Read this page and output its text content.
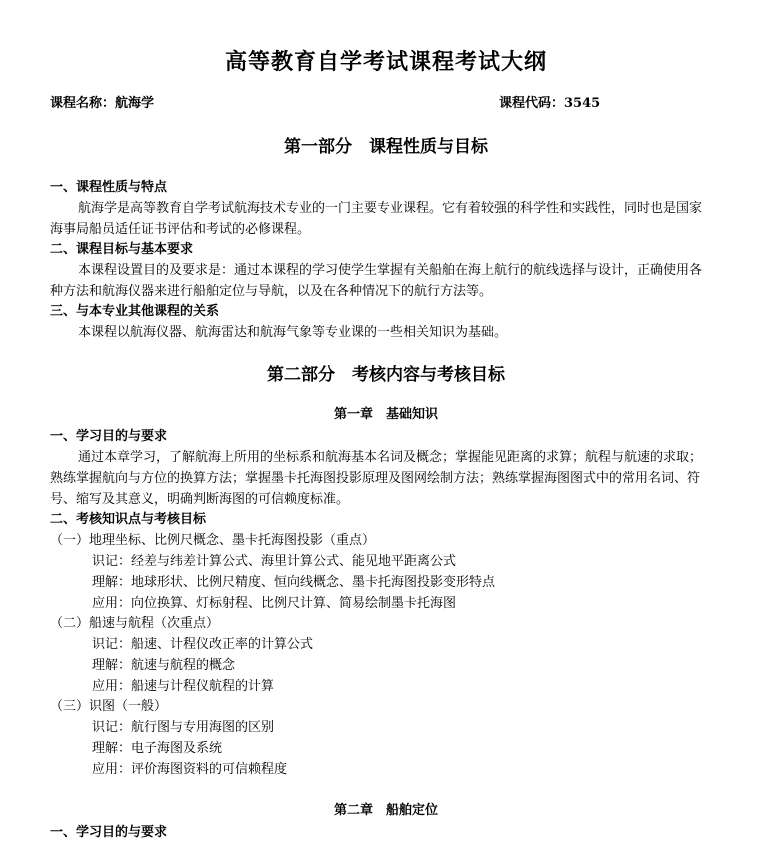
高等教育自学考试课程考试大纲
课程名称：航海学	课程代码：3545
第一部分　课程性质与目标
一、课程性质与特点
航海学是高等教育自学考试航海技术专业的一门主要专业课程。它有着较强的科学性和实践性，同时也是国家
海事局船员适任证书评估和考试的必修课程。
二、课程目标与基本要求
本课程设置目的及要求是：通过本课程的学习使学生掌握有关船舶在海上航行的航线选择与设计，正确使用各
种方法和航海仪器来进行船舶定位与导航，以及在各种情况下的航行方法等。
三、与本专业其他课程的关系
本课程以航海仪器、航海雷达和航海气象等专业课的一些相关知识为基础。
第二部分　考核内容与考核目标
第一章　基础知识
一、学习目的与要求
通过本章学习，了解航海上所用的坐标系和航海基本名词及概念；掌握能见距离的求算；航程与航速的求取；
熟练掌握航向与方位的换算方法；掌握墨卡托海图投影原理及图网绘制方法；熟练掌握海图图式中的常用名词、符
号、缩写及其意义，明确判断海图的可信赖度标准。
二、考核知识点与考核目标
（一）地理坐标、比例尺概念、墨卡托海图投影（重点）
识记：经差与纬差计算公式、海里计算公式、能见地平距离公式
理解：地球形状、比例尺精度、恒向线概念、墨卡托海图投影变形特点
应用：向位换算、灯标射程、比例尺计算、简易绘制墨卡托海图
（二）船速与航程（次重点）
识记：船速、计程仪改正率的计算公式
理解：航速与航程的概念
应用：船速与计程仪航程的计算
（三）识图（一般）
识记：航行图与专用海图的区别
理解：电子海图及系统
应用：评价海图资料的可信赖程度
第二章　船舶定位
一、学习目的与要求
